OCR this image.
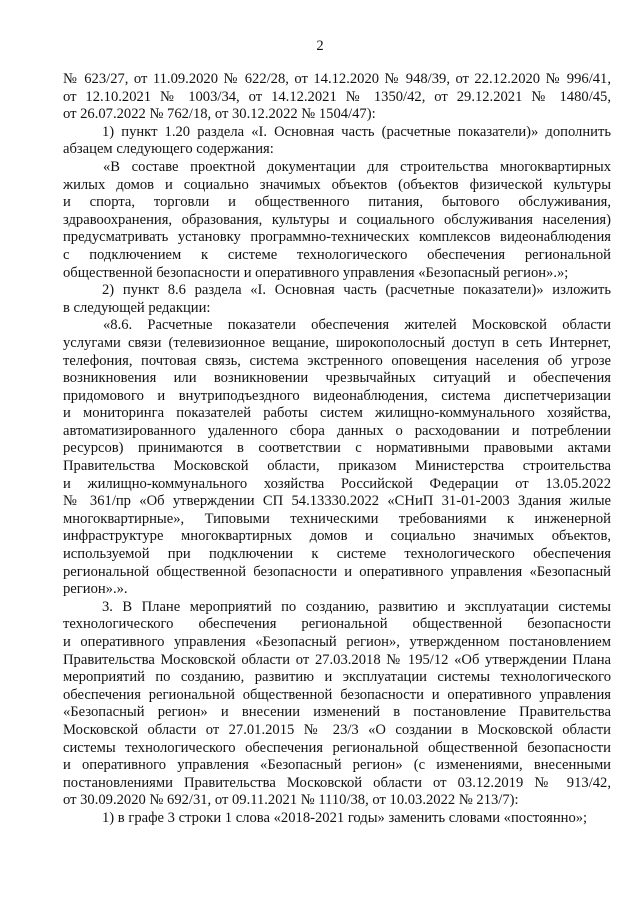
2
№ 623/27, от 11.09.2020 № 622/28, от 14.12.2020 № 948/39, от 22.12.2020 № 996/41,
от 12.10.2021 № 1003/34, от 14.12.2021 № 1350/42, от 29.12.2021 № 1480/45,
от 26.07.2022 № 762/18, от 30.12.2022 № 1504/47):
1) пункт 1.20 раздела «I. Основная часть (расчетные показатели)» дополнить
абзацем следующего содержания:
«В составе проектной документации для строительства многоквартирных
жилых домов и социально значимых объектов (объектов физической культуры
и спорта, торговли и общественного питания, бытового обслуживания,
здравоохранения, образования, культуры и социального обслуживания населения)
предусматривать установку программно-технических комплексов видеонаблюдения
с подключением к системе технологического обеспечения региональной
общественной безопасности и оперативного управления «Безопасный регион».»;
2) пункт 8.6 раздела «I. Основная часть (расчетные показатели)» изложить
в следующей редакции:
«8.6. Расчетные показатели обеспечения жителей Московской области
услугами связи (телевизионное вещание, широкополосный доступ в сеть Интернет,
телефония, почтовая связь, система экстренного оповещения населения об угрозе
возникновения или возникновении чрезвычайных ситуаций и обеспечения
придомового и внутриподъездного видеонаблюдения, система диспетчеризации
и мониторинга показателей работы систем жилищно-коммунального хозяйства,
автоматизированного удаленного сбора данных о расходовании и потреблении
ресурсов) принимаются в соответствии с нормативными правовыми актами
Правительства Московской области, приказом Министерства строительства
и жилищно-коммунального хозяйства Российской Федерации от 13.05.2022
№ 361/пр «Об утверждении СП 54.13330.2022 «СНиП 31-01-2003 Здания жилые
многоквартирные», Типовыми техническими требованиями к инженерной
инфраструктуре многоквартирных домов и социально значимых объектов,
используемой при подключении к системе технологического обеспечения
региональной общественной безопасности и оперативного управления «Безопасный
регион».».
3. В Плане мероприятий по созданию, развитию и эксплуатации системы
технологического обеспечения региональной общественной безопасности
и оперативного управления «Безопасный регион», утвержденном постановлением
Правительства Московской области от 27.03.2018 № 195/12 «Об утверждении Плана
мероприятий по созданию, развитию и эксплуатации системы технологического
обеспечения региональной общественной безопасности и оперативного управления
«Безопасный регион» и внесении изменений в постановление Правительства
Московской области от 27.01.2015 № 23/3 «О создании в Московской области
системы технологического обеспечения региональной общественной безопасности
и оперативного управления «Безопасный регион» (с изменениями, внесенными
постановлениями Правительства Московской области от 03.12.2019 № 913/42,
от 30.09.2020 № 692/31, от 09.11.2021 № 1110/38, от 10.03.2022 № 213/7):
1) в графе 3 строки 1 слова «2018-2021 годы» заменить словами «постоянно»;
